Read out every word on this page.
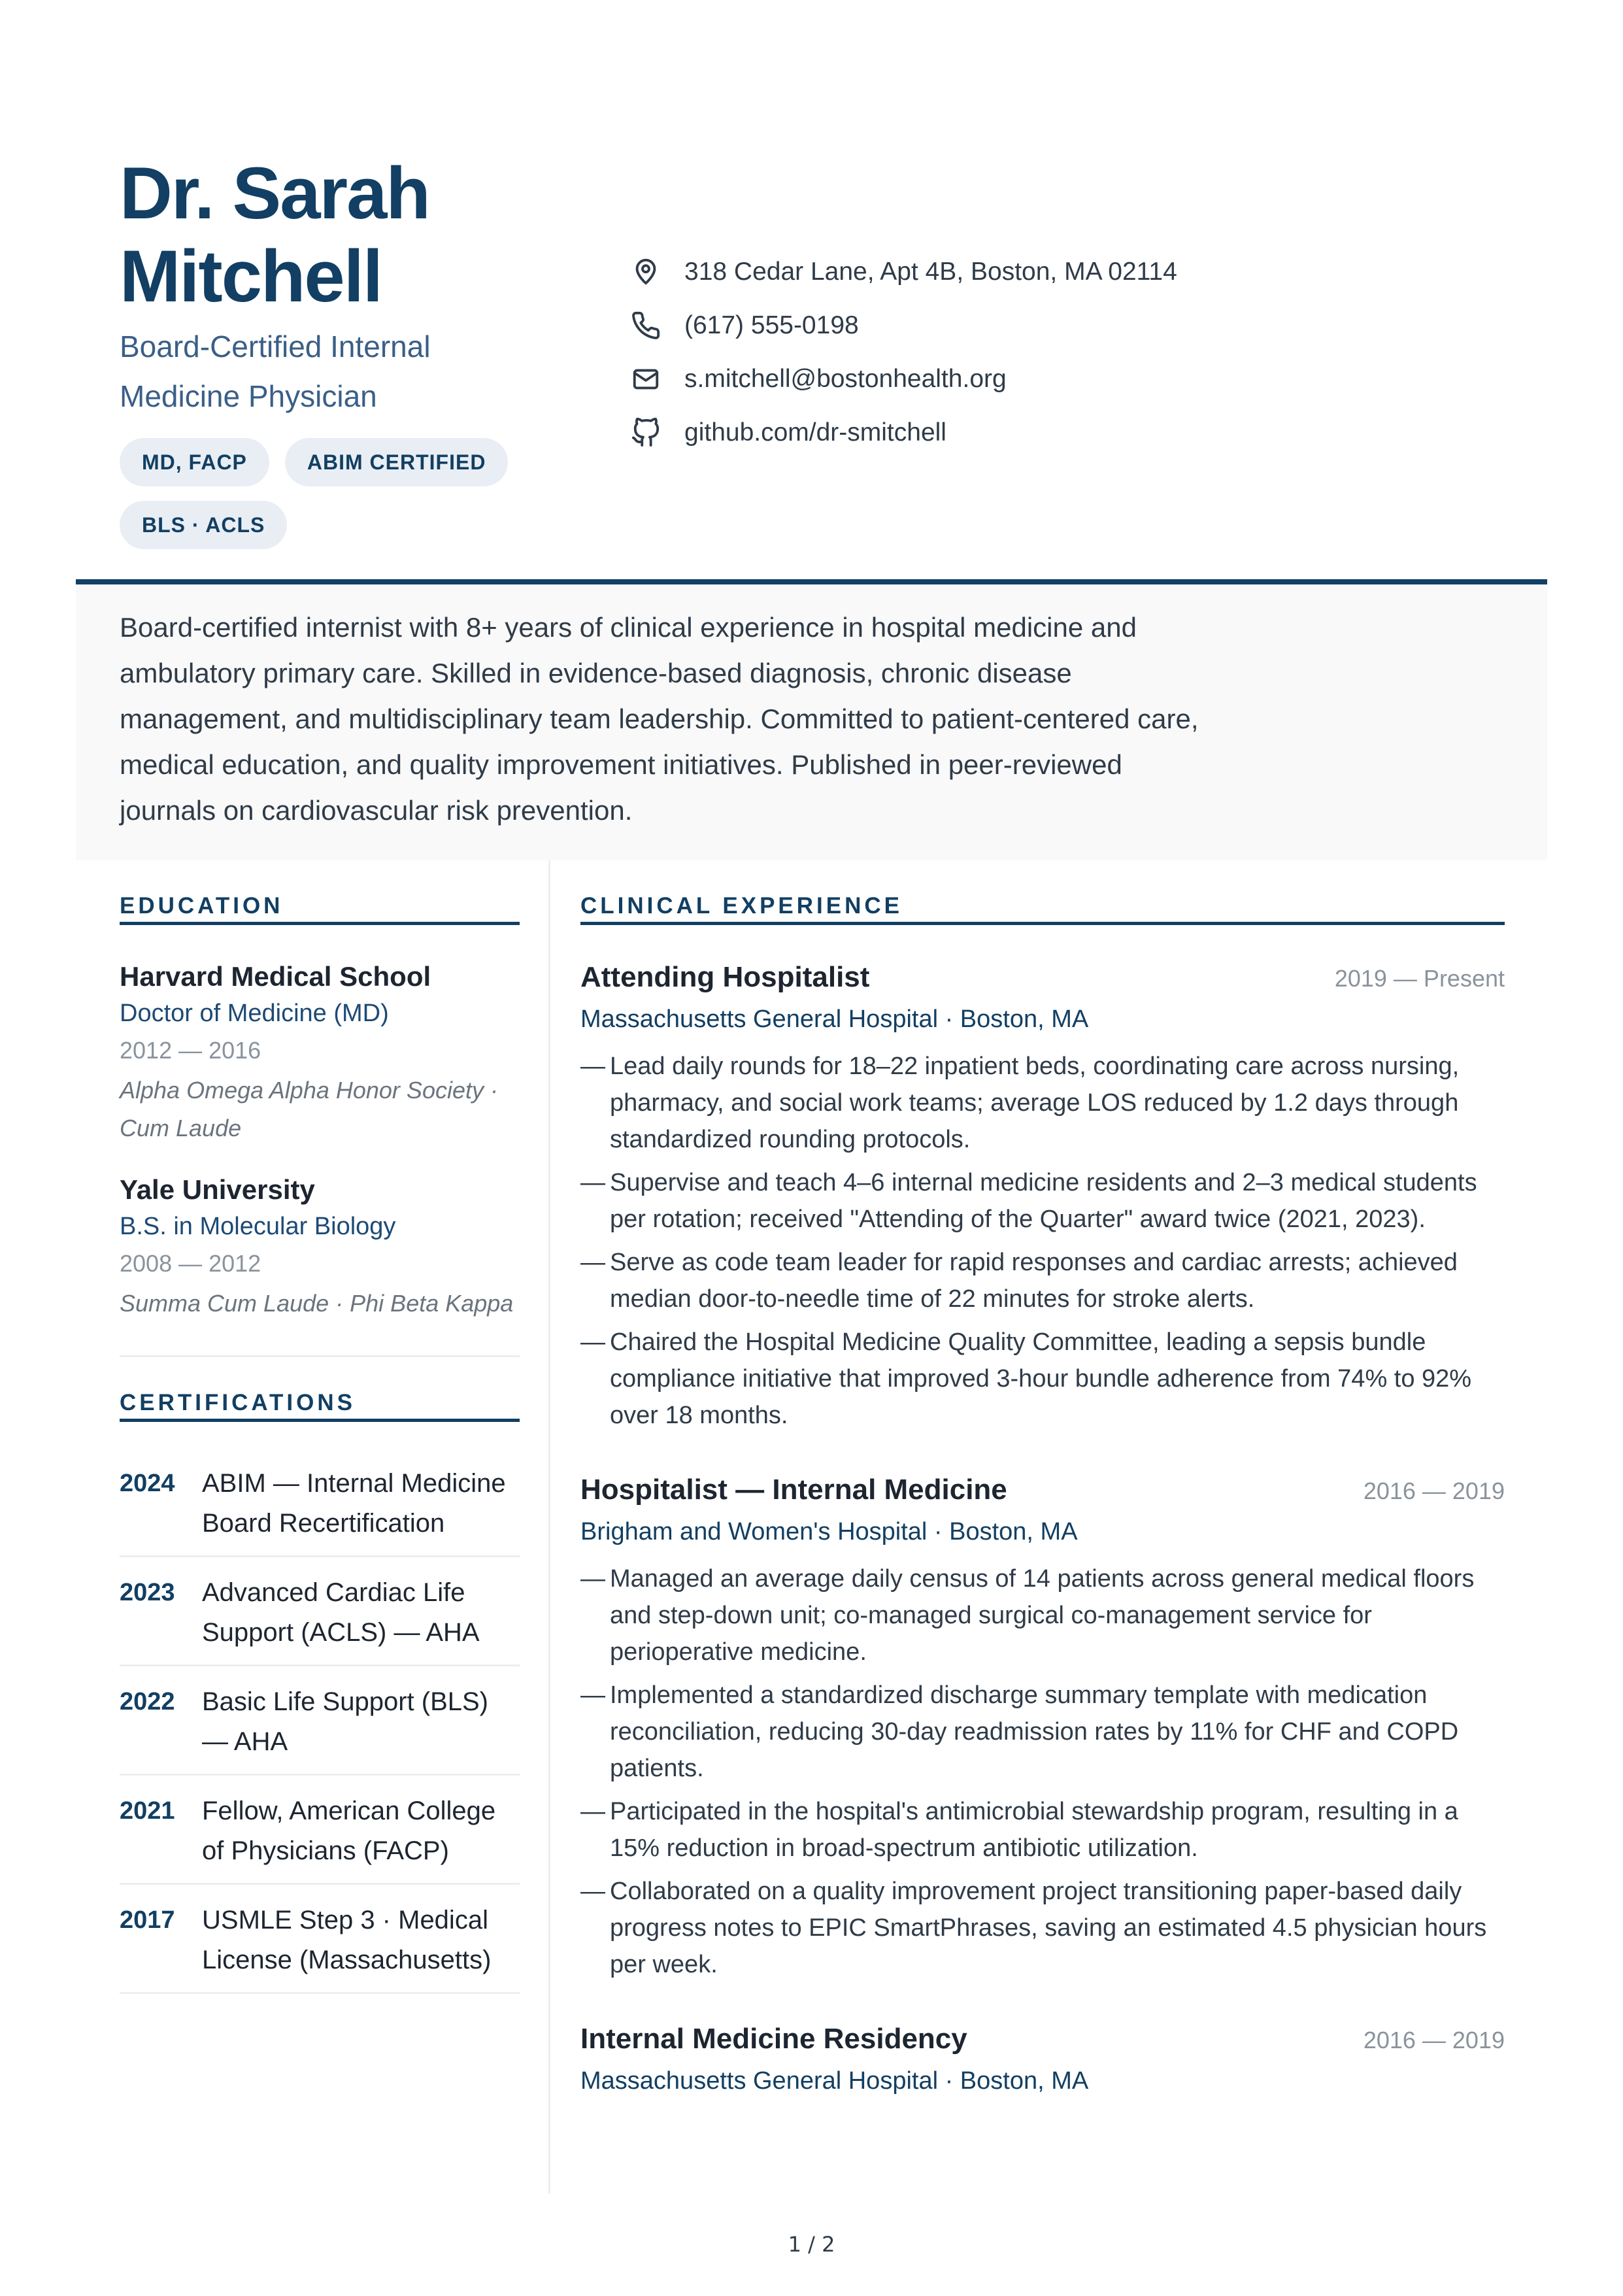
Dr. Sarah Mitchell
Board-Certified Internal Medicine Physician
MD, FACP	ABIM CERTIFIED
BLS · ACLS
318 Cedar Lane, Apt 4B, Boston, MA 02114
(617) 555-0198
s.mitchell@bostonhealth.org
github.com/dr-smitchell
Board-certified internist with 8+ years of clinical experience in hospital medicine and ambulatory primary care. Skilled in evidence-based diagnosis, chronic disease management, and multidisciplinary team leadership. Committed to patient-centered care, medical education, and quality improvement initiatives. Published in peer-reviewed journals on cardiovascular risk prevention.
EDUCATION
Harvard Medical School
Doctor of Medicine (MD)
2012 — 2016
Alpha Omega Alpha Honor Society · Cum Laude
Yale University
B.S. in Molecular Biology
2008 — 2012
Summa Cum Laude · Phi Beta Kappa
CERTIFICATIONS
2024	ABIM — Internal Medicine Board Recertification
2023	Advanced Cardiac Life Support (ACLS) — AHA
2022	Basic Life Support (BLS) — AHA
2021	Fellow, American College of Physicians (FACP)
2017	USMLE Step 3 · Medical License (Massachusetts)
CLINICAL EXPERIENCE
Attending Hospitalist	2019 — Present
Massachusetts General Hospital · Boston, MA
— Lead daily rounds for 18–22 inpatient beds, coordinating care across nursing, pharmacy, and social work teams; average LOS reduced by 1.2 days through standardized rounding protocols.
— Supervise and teach 4–6 internal medicine residents and 2–3 medical students per rotation; received "Attending of the Quarter" award twice (2021, 2023).
— Serve as code team leader for rapid responses and cardiac arrests; achieved median door-to-needle time of 22 minutes for stroke alerts.
— Chaired the Hospital Medicine Quality Committee, leading a sepsis bundle compliance initiative that improved 3-hour bundle adherence from 74% to 92% over 18 months.
Hospitalist — Internal Medicine	2016 — 2019
Brigham and Women's Hospital · Boston, MA
— Managed an average daily census of 14 patients across general medical floors and step-down unit; co-managed surgical co-management service for perioperative medicine.
— Implemented a standardized discharge summary template with medication reconciliation, reducing 30-day readmission rates by 11% for CHF and COPD patients.
— Participated in the hospital's antimicrobial stewardship program, resulting in a 15% reduction in broad-spectrum antibiotic utilization.
— Collaborated on a quality improvement project transitioning paper-based daily progress notes to EPIC SmartPhrases, saving an estimated 4.5 physician hours per week.
Internal Medicine Residency	2016 — 2019
Massachusetts General Hospital · Boston, MA
1 / 2
